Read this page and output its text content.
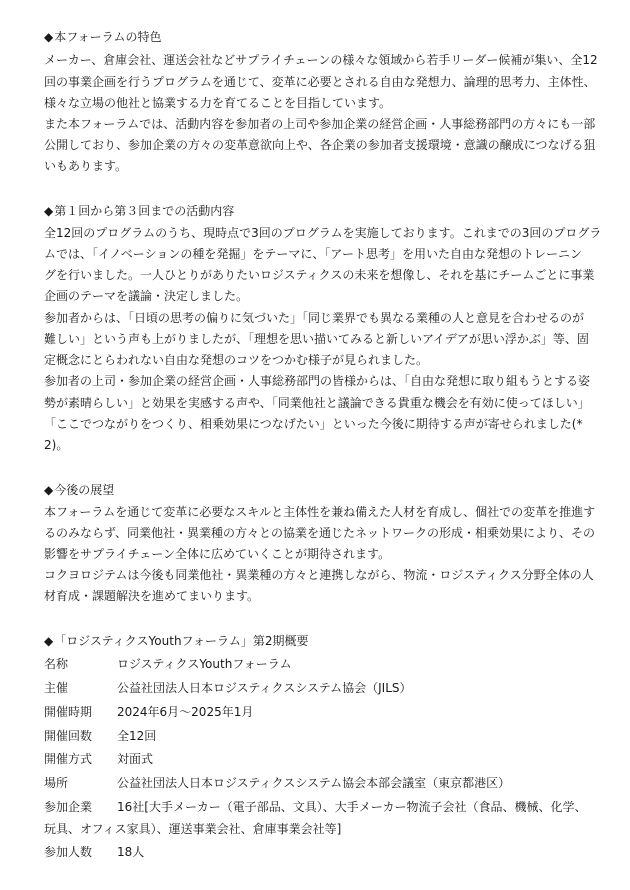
◆本フォーラムの特色
メーカー、倉庫会社、運送会社などサプライチェーンの様々な領域から若手リーダー候補が集い、全12
回の事業企画を行うプログラムを通じて、変革に必要とされる自由な発想力、論理的思考力、主体性、
様々な立場の他社と協業する力を育てることを目指しています。
また本フォーラムでは、活動内容を参加者の上司や参加企業の経営企画・人事総務部門の方々にも一部
公開しており、参加企業の方々の変革意欲向上や、各企業の参加者支援環境・意識の醸成につなげる狙
いもあります。
◆第１回から第３回までの活動内容
全12回のプログラムのうち、現時点で3回のプログラムを実施しております。これまでの3回のプログラ
ムでは、「イノベーションの種を発掘」をテーマに、「アート思考」を用いた自由な発想のトレーニン
グを行いました。一人ひとりがありたいロジスティクスの未来を想像し、それを基にチームごとに事業
企画のテーマを議論・決定しました。
参加者からは、「日頃の思考の偏りに気づいた」「同じ業界でも異なる業種の人と意見を合わせるのが
難しい」という声も上がりましたが、「理想を思い描いてみると新しいアイデアが思い浮かぶ」等、固
定概念にとらわれない自由な発想のコツをつかむ様子が見られました。
参加者の上司・参加企業の経営企画・人事総務部門の皆様からは、「自由な発想に取り組もうとする姿
勢が素晴らしい」と効果を実感する声や、「同業他社と議論できる貴重な機会を有効に使ってほしい」
「ここでつながりをつくり、相乗効果につなげたい」といった今後に期待する声が寄せられました(*
2)。
◆今後の展望
本フォーラムを通じて変革に必要なスキルと主体性を兼ね備えた人材を育成し、個社での変革を推進す
るのみならず、同業他社・異業種の方々との協業を通じたネットワークの形成・相乗効果により、その
影響をサプライチェーン全体に広めていくことが期待されます。
コクヨロジテムは今後も同業他社・異業種の方々と連携しながら、物流・ロジスティクス分野全体の人
材育成・課題解決を進めてまいります。
◆「ロジスティクスYouthフォーラム」第2期概要
名称	ロジスティクスYouthフォーラム
主催	公益社団法人日本ロジスティクスシステム協会（JILS）
開催時期 2024年6月～2025年1月
開催回数 全12回
開催方式 対面式
場所	公益社団法人日本ロジスティクスシステム協会本部会議室（東京都港区）
参加企業 16社[大手メーカー（電子部品、文具）、大手メーカー物流子会社（食品、機械、化学、
玩具、オフィス家具）、運送事業会社、倉庫事業会社等]
参加人数 18人
